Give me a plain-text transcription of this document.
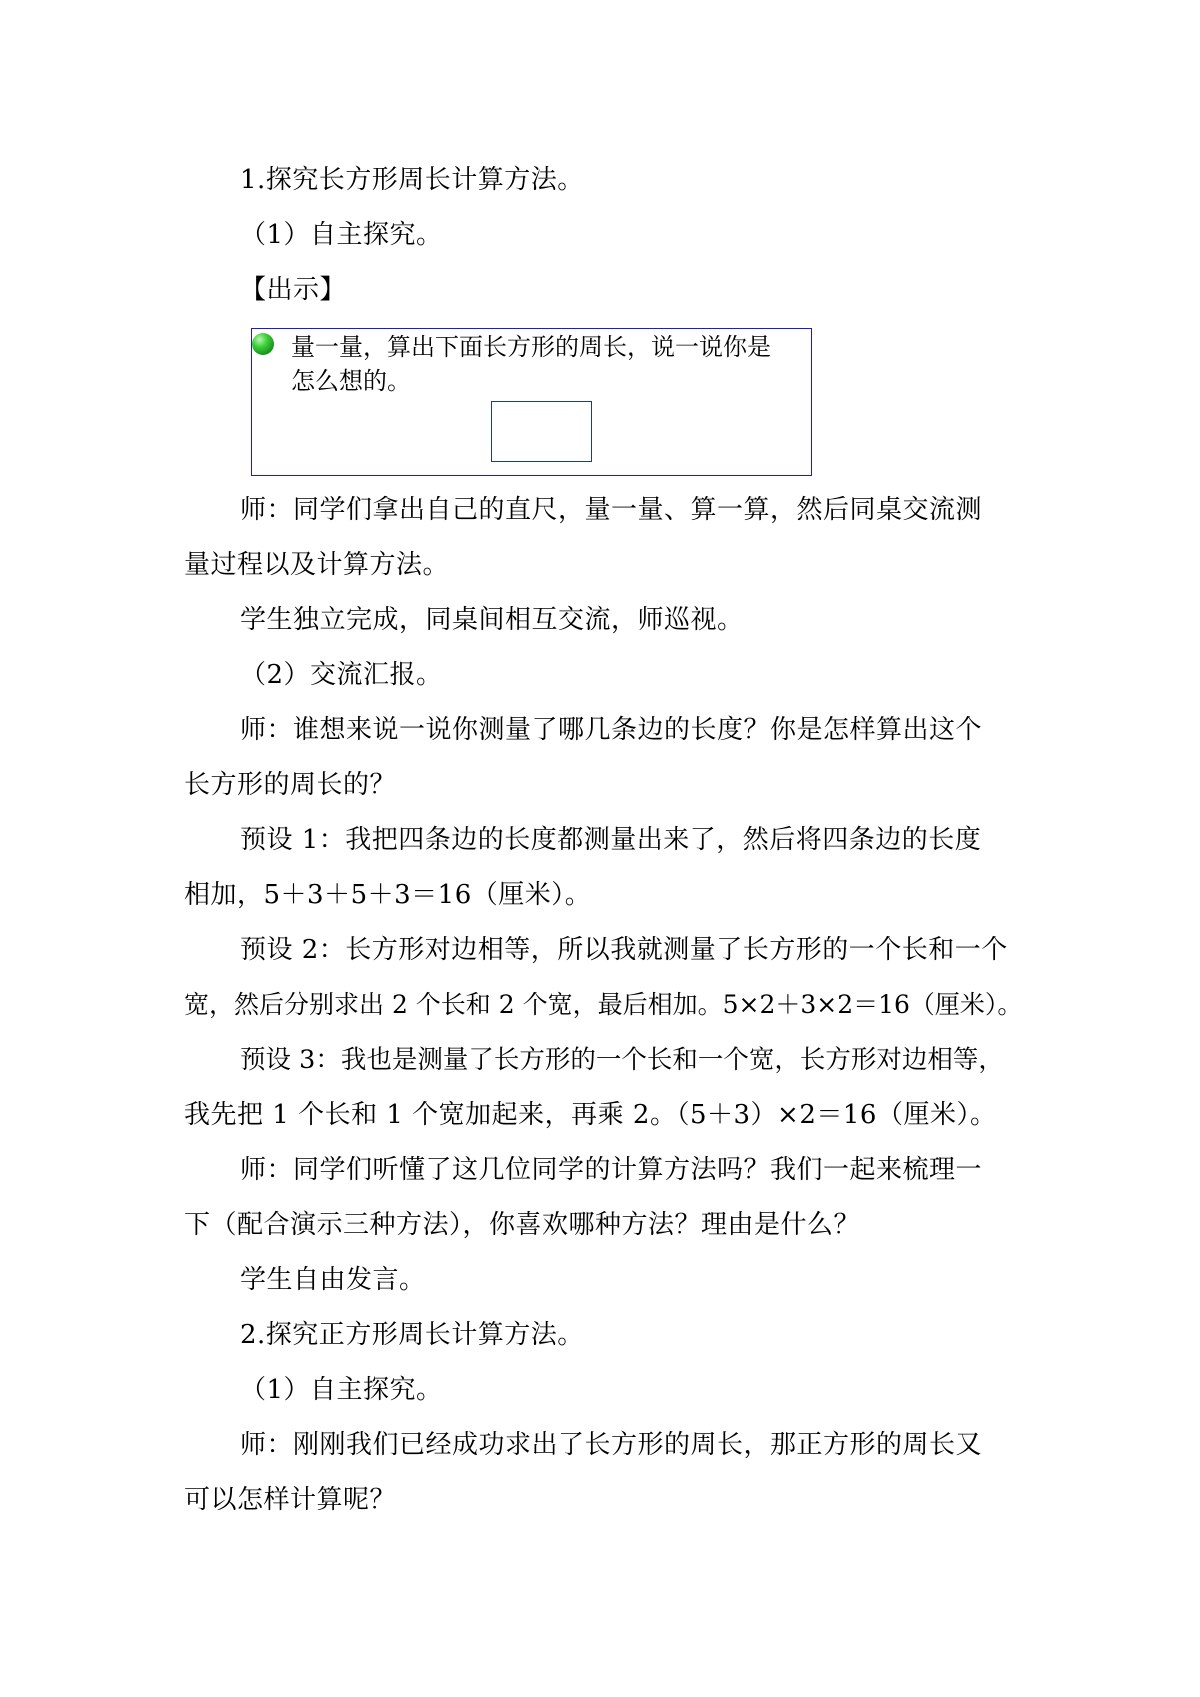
1.探究长方形周长计算方法。
（1）自主探究。
【出示】
量一量，算出下面长方形的周长，说一说你是
怎么想的。
师：同学们拿出自己的直尺，量一量、算一算，然后同桌交流测
量过程以及计算方法。
学生独立完成，同桌间相互交流，师巡视。
（2）交流汇报。
师：谁想来说一说你测量了哪几条边的长度？你是怎样算出这个
长方形的周长的？
预设 1：我把四条边的长度都测量出来了，然后将四条边的长度
相加，5＋3＋5＋3＝16（厘米）。
预设 2：长方形对边相等，所以我就测量了长方形的一个长和一个
宽，然后分别求出 2 个长和 2 个宽，最后相加。5×2＋3×2＝16（厘米）。
预设 3：我也是测量了长方形的一个长和一个宽，长方形对边相等，
我先把 1 个长和 1 个宽加起来，再乘 2。（5＋3）×2＝16（厘米）。
师：同学们听懂了这几位同学的计算方法吗？我们一起来梳理一
下（配合演示三种方法），你喜欢哪种方法？理由是什么？
学生自由发言。
2.探究正方形周长计算方法。
（1）自主探究。
师：刚刚我们已经成功求出了长方形的周长，那正方形的周长又
可以怎样计算呢？
